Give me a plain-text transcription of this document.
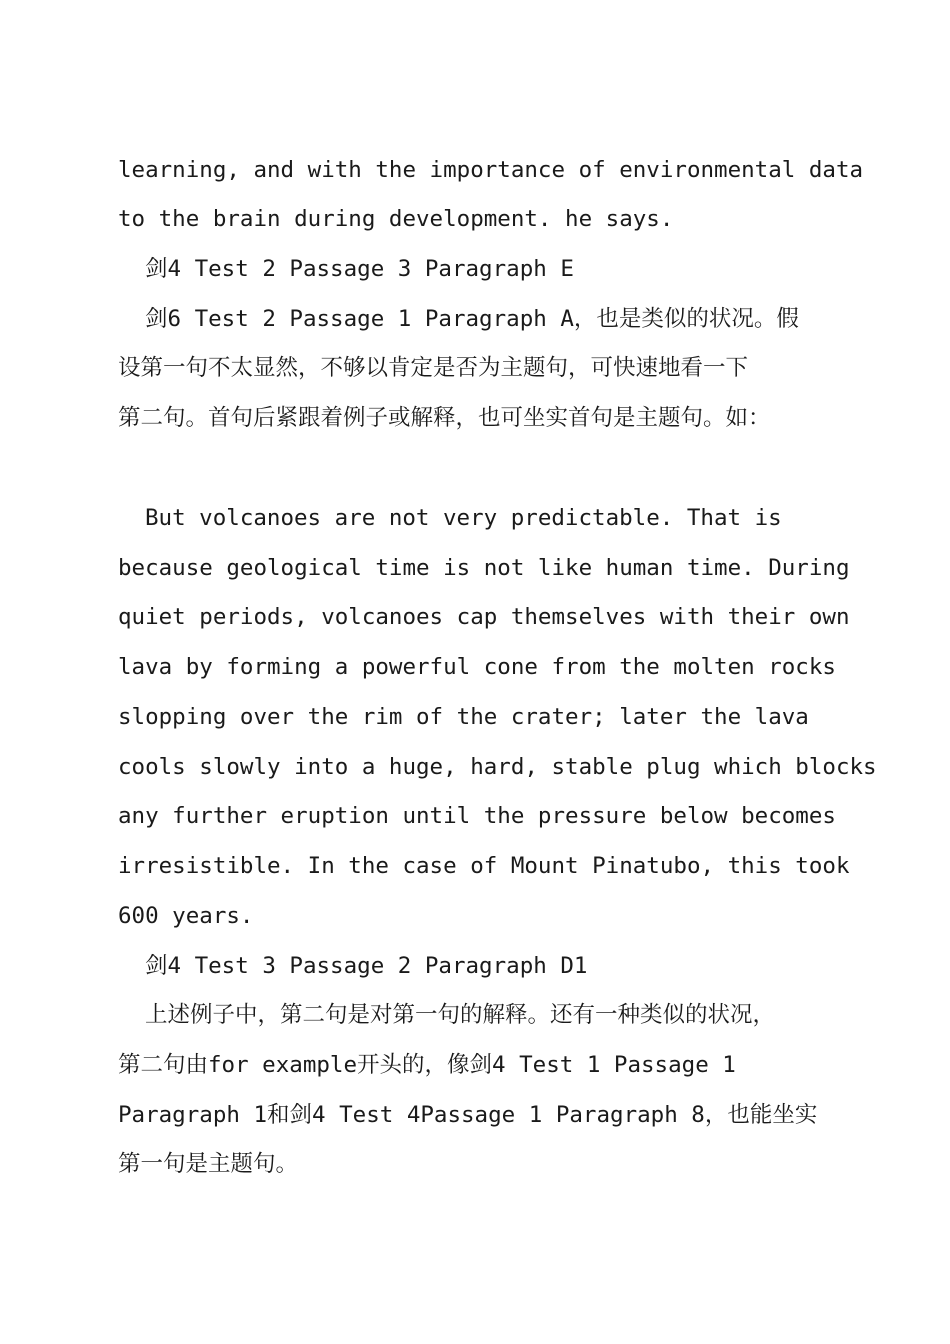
learning, and with the importance of environmental data
to the brain during development. he says.
剑4 Test 2 Passage 3 Paragraph E
剑6 Test 2 Passage 1 Paragraph A，也是类似的状况。假
设第一句不太显然，不够以肯定是否为主题句，可快速地看一下
第二句。首句后紧跟着例子或解释，也可坐实首句是主题句。如：
But volcanoes are not very predictable. That is
because geological time is not like human time. During
quiet periods, volcanoes cap themselves with their own
lava by forming a powerful cone from the molten rocks
slopping over the rim of the crater; later the lava
cools slowly into a huge, hard, stable plug which blocks
any further eruption until the pressure below becomes
irresistible. In the case of Mount Pinatubo, this took
600 years.
剑4 Test 3 Passage 2 Paragraph D1
上述例子中，第二句是对第一句的解释。还有一种类似的状况，
第二句由for example开头的，像剑4 Test 1 Passage 1
Paragraph 1和剑4 Test 4Passage 1 Paragraph 8，也能坐实
第一句是主题句。
